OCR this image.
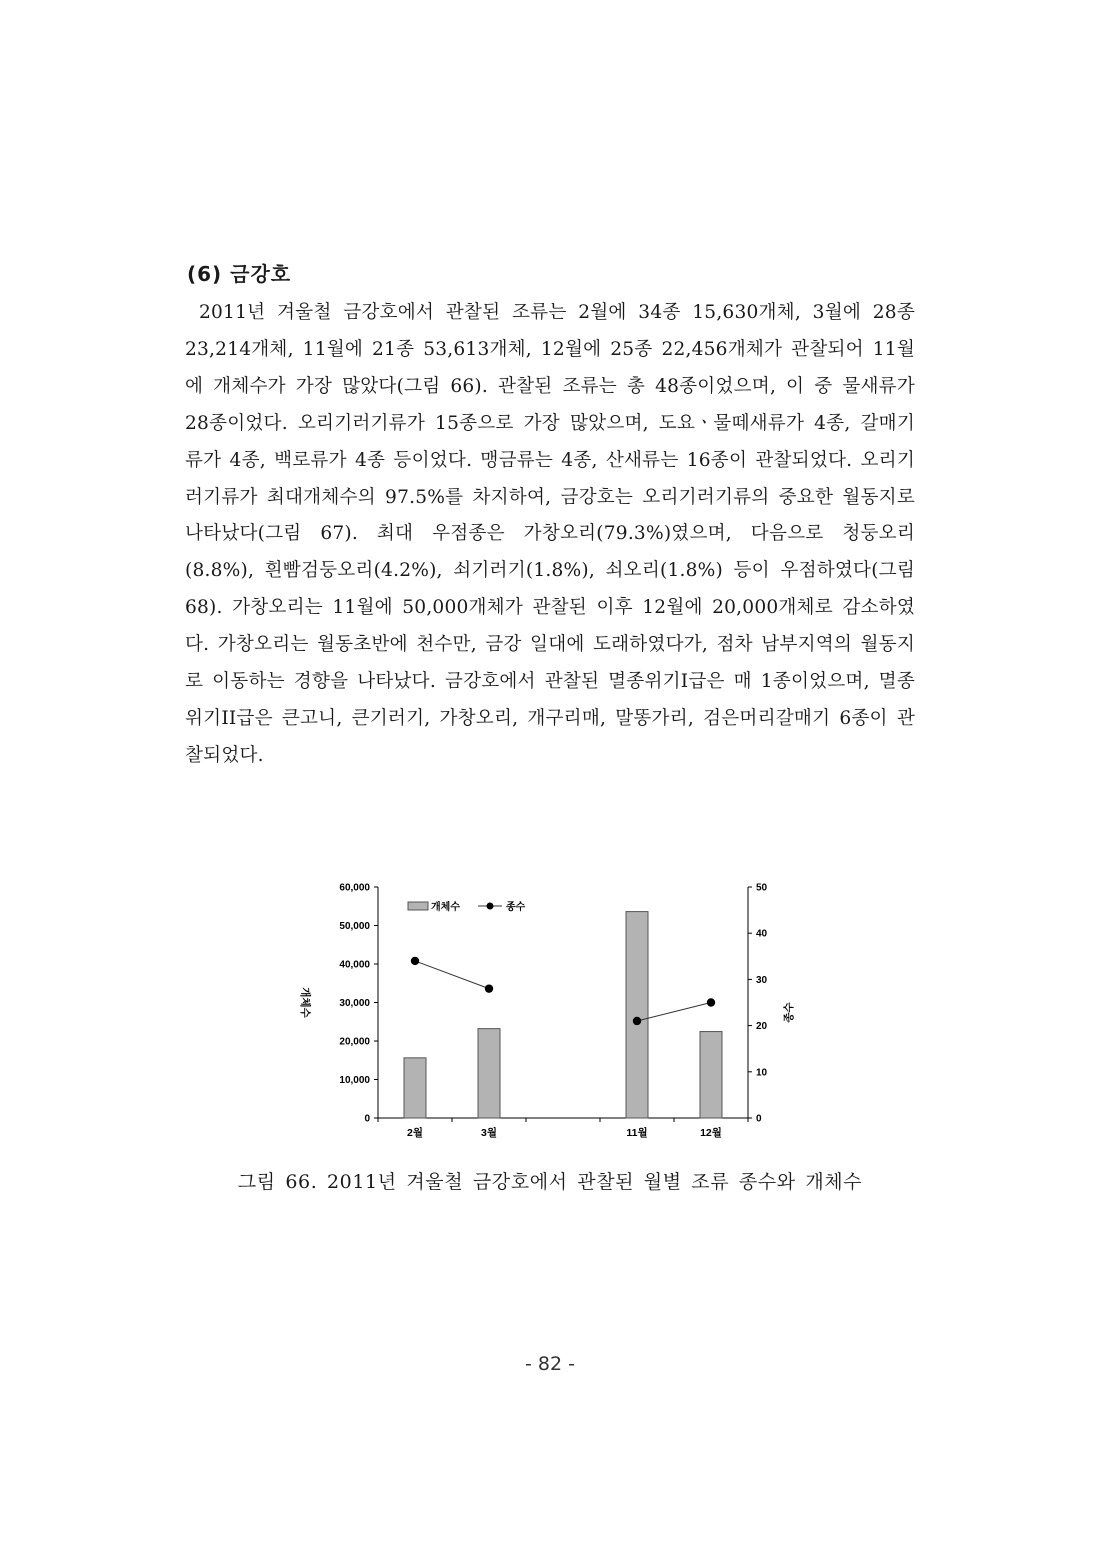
(6) 금강호

2011년 겨울철 금강호에서 관찰된 조류는 2월에 34종 15,630개체, 3월에 28종 23,214개체, 11월에 21종 53,613개체, 12월에 25종 22,456개체가 관찰되어 11월에 개체수가 가장 많았다(그림 66). 관찰된 조류는 총 48종이었으며, 이 중 물새류가 28종이었다. 오리기러기류가 15종으로 가장 많았으며, 도요ㆍ물떼새류가 4종, 갈매기류가 4종, 백로류가 4종 등이었다. 맹금류는 4종, 산새류는 16종이 관찰되었다. 오리기러기류가 최대개체수의 97.5%를 차지하여, 금강호는 오리기러기류의 중요한 월동지로 나타났다(그림 67). 최대 우점종은 가창오리(79.3%)였으며, 다음으로 청둥오리(8.8%), 흰빰검둥오리(4.2%), 쇠기러기(1.8%), 쇠오리(1.8%) 등이 우점하였다(그림 68). 가창오리는 11월에 50,000개체가 관찰된 이후 12월에 20,000개체로 감소하였다. 가창오리는 월동초반에 천수만, 금강 일대에 도래하였다가, 점차 남부지역의 월동지로 이동하는 경향을 나타났다. 금강호에서 관찰된 멸종위기I급은 매 1종이었으며, 멸종위기II급은 큰고니, 큰기러기, 가창오리, 개구리매, 말똥가리, 검은머리갈매기 6종이 관찰되었다.

개체수	종수
0
10,000
20,000
30,000
40,000
50,000
60,000
0
10
20
30
40
50
2월	3월	11월	12월
개체수	종수
그림 66. 2011년 겨울철 금강호에서 관찰된 월별 조류 종수와 개체수
- 82 -
